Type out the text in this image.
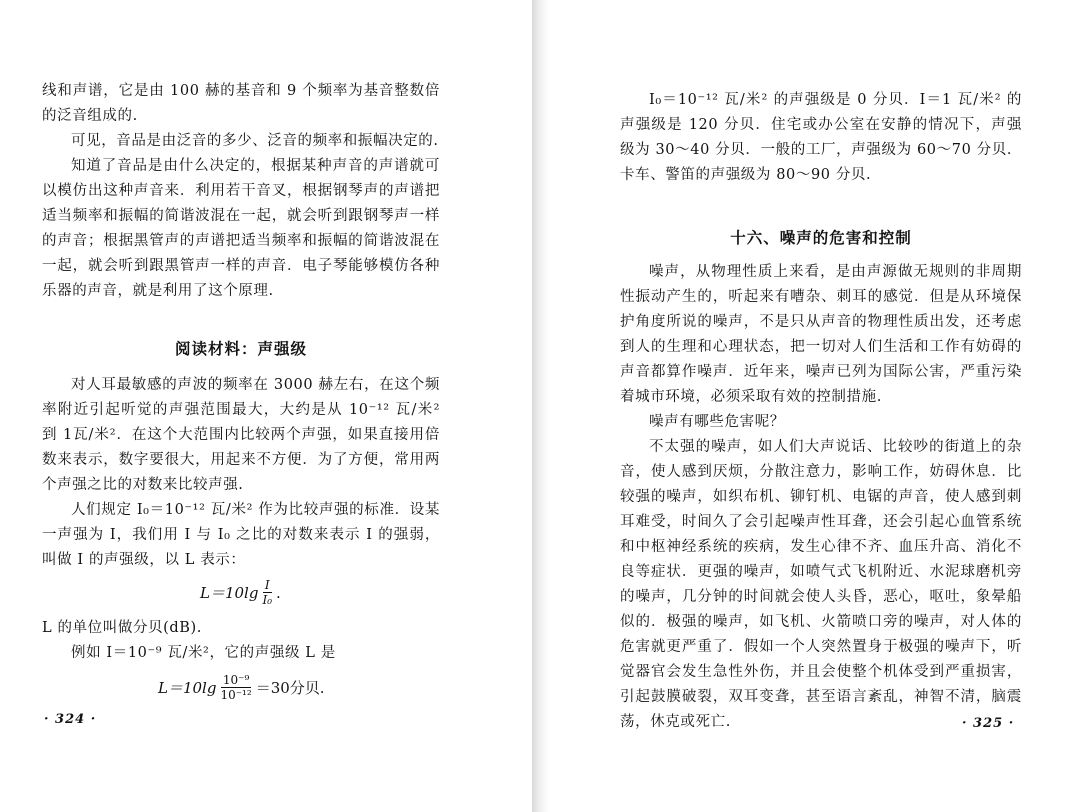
线和声谱，它是由 100 赫的基音和 9 个频率为基音整数倍的泛音组成的.

可见，音品是由泛音的多少、泛音的频率和振幅决定的.

知道了音品是由什么决定的，根据某种声音的声谱就可以模仿出这种声音来．利用若干音叉，根据钢琴声的声谱把适当频率和振幅的简谐波混在一起，就会听到跟钢琴声一样的声音；根据黑管声的声谱把适当频率和振幅的简谐波混在一起，就会听到跟黑管声一样的声音．电子琴能够模仿各种乐器的声音，就是利用了这个原理.

阅读材料：声强级

对人耳最敏感的声波的频率在 3000 赫左右，在这个频率附近引起听觉的声强范围最大，大约是从 10⁻¹² 瓦/米² 到 1瓦/米²．在这个大范围内比较两个声强，如果直接用倍数来表示，数字要很大，用起来不方便．为了方便，常用两个声强之比的对数来比较声强.

人们规定 I₀＝10⁻¹² 瓦/米² 作为比较声强的标准．设某一声强为 I，我们用 I 与 I₀ 之比的对数来表示 I 的强弱，叫做 I 的声强级，以 L 表示：

$L=10\lg \frac{I}{\text{I₀}}$ .

L 的单位叫做分贝(dB).

例如 I＝10⁻⁹ 瓦/米²，它的声强级 L 是

$L=10\lg \frac{\text{10⁻⁹}}{\text{10⁻¹²}} =30$分贝.
· 324 ·

I₀＝10⁻¹² 瓦/米² 的声强级是 0 分贝．I＝1 瓦/米² 的声强级是 120 分贝．住宅或办公室在安静的情况下，声强级为 30～40 分贝．一般的工厂，声强级为 60～70 分贝．卡车、警笛的声强级为 80～90 分贝.

十六、噪声的危害和控制

噪声，从物理性质上来看，是由声源做无规则的非周期性振动产生的，听起来有嘈杂、刺耳的感觉．但是从环境保护角度所说的噪声，不是只从声音的物理性质出发，还考虑到人的生理和心理状态，把一切对人们生活和工作有妨碍的声音都算作噪声．近年来，噪声已列为国际公害，严重污染着城市环境，必须采取有效的控制措施.

噪声有哪些危害呢？

不太强的噪声，如人们大声说话、比较吵的街道上的杂音，使人感到厌烦，分散注意力，影响工作，妨碍休息．比较强的噪声，如织布机、铆钉机、电锯的声音，使人感到刺耳难受，时间久了会引起噪声性耳聋，还会引起心血管系统和中枢神经系统的疾病，发生心律不齐、血压升高、消化不良等症状．更强的噪声，如喷气式飞机附近、水泥球磨机旁的噪声，几分钟的时间就会使人头昏，恶心，呕吐，象晕船似的．极强的噪声，如飞机、火箭喷口旁的噪声，对人体的危害就更严重了．假如一个人突然置身于极强的噪声下，听觉器官会发生急性外伤，并且会使整个机体受到严重损害，引起鼓膜破裂，双耳变聋，甚至语言紊乱，神智不清，脑震荡，休克或死亡.	· 325 ·
